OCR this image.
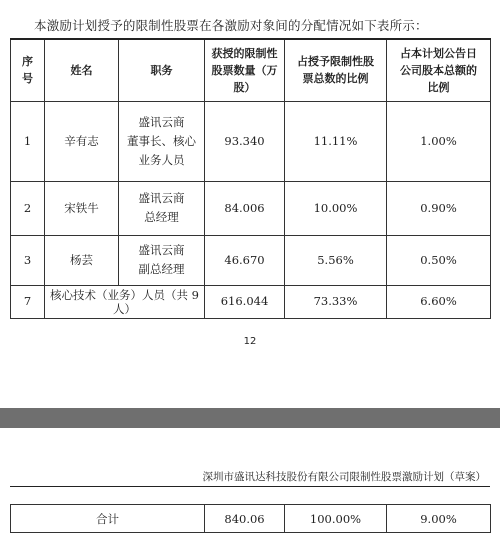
本激励计划授予的限制性股票在各激励对象间的分配情况如下表所示：
序
号	姓名	职务	获授的限制性
股票数量（万
股）	占授予限制性股
票总数的比例	占本计划公告日
公司股本总额的
比例
1	辛有志	盛讯云商
董事长、核心
业务人员	93.340	11.11%	1.00%
2	宋铁牛	盛讯云商
总经理	84.006	10.00%	0.90%
3	杨芸	盛讯云商
副总经理	46.670	5.56%	0.50%
7	核心技术（业务）人员（共 9
人）		616.044	73.33%	6.60%
12
深圳市盛讯达科技股份有限公司限制性股票激励计划（草案）
合计	840.06	100.00%	9.00%
